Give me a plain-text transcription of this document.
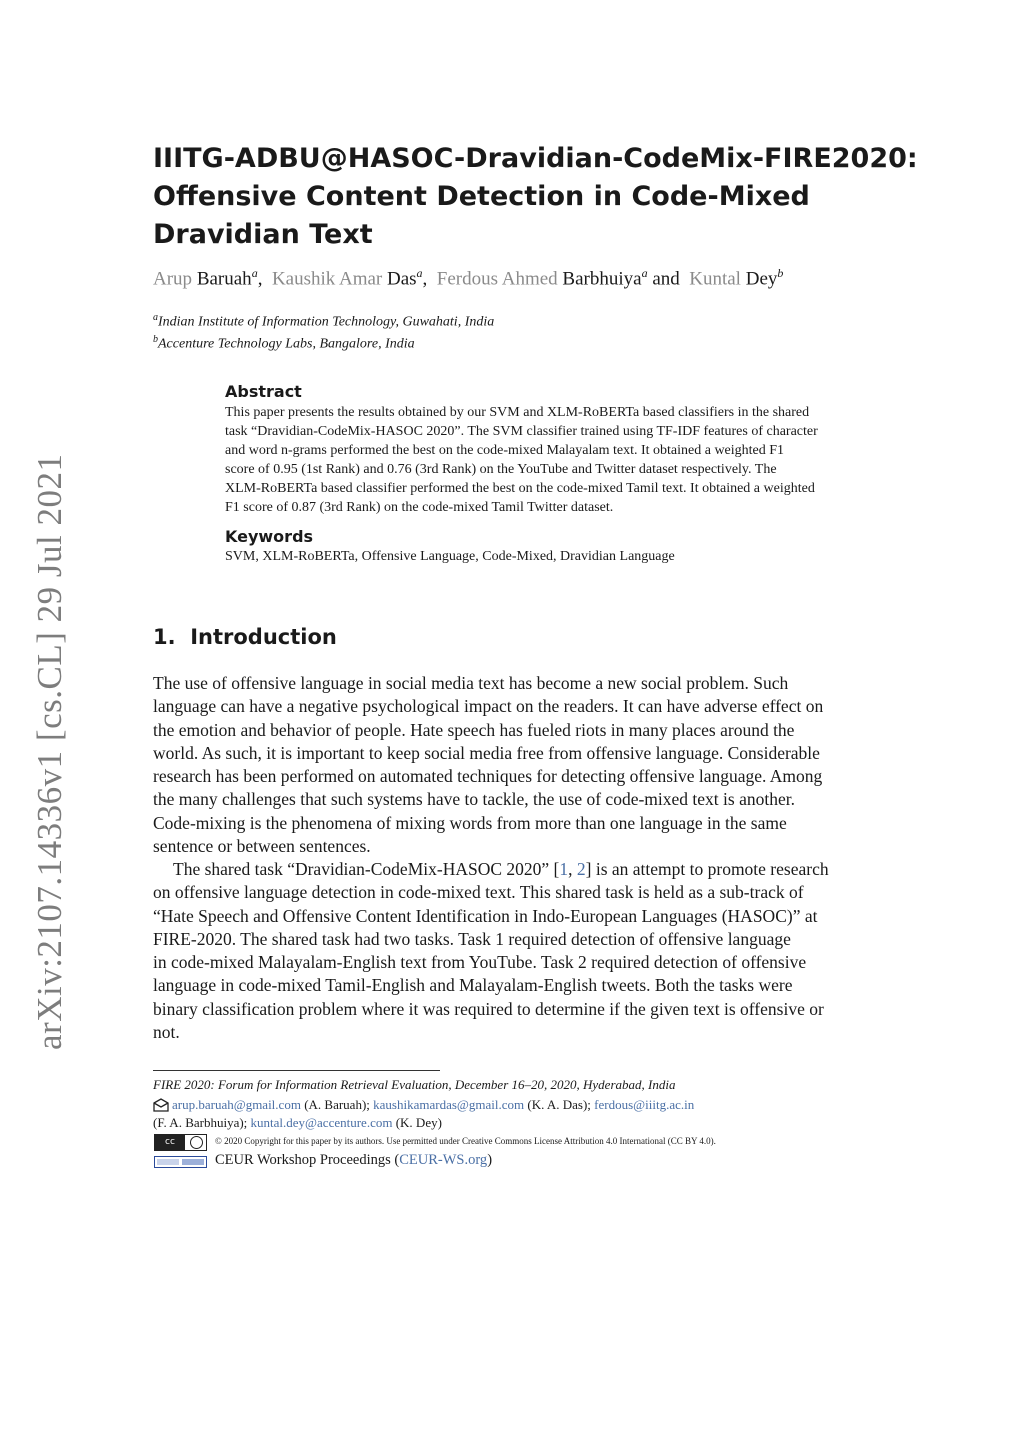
arXiv:2107.14336v1 [cs.CL] 29 Jul 2021
IIITG-ADBU@HASOC-Dravidian-CodeMix-FIRE2020:
Offensive Content Detection in Code-Mixed
Dravidian Text
Arup Baruah$^a$, Kaushik Amar Das$^a$, Ferdous Ahmed Barbhuiya$^a$ and Kuntal Dey$^b$
$^a$Indian Institute of Information Technology, Guwahati, India
$^b$Accenture Technology Labs, Bangalore, India
Abstract
This paper presents the results obtained by our SVM and XLM-RoBERTa based classifiers in the shared
task “Dravidian-CodeMix-HASOC 2020”. The SVM classifier trained using TF-IDF features of character
and word n-grams performed the best on the code-mixed Malayalam text. It obtained a weighted F1
score of 0.95 (1st Rank) and 0.76 (3rd Rank) on the YouTube and Twitter dataset respectively. The
XLM-RoBERTa based classifier performed the best on the code-mixed Tamil text. It obtained a weighted
F1 score of 0.87 (3rd Rank) on the code-mixed Tamil Twitter dataset.
Keywords
SVM, XLM-RoBERTa, Offensive Language, Code-Mixed, Dravidian Language
1. Introduction
The use of offensive language in social media text has become a new social problem. Such
language can have a negative psychological impact on the readers. It can have adverse effect on
the emotion and behavior of people. Hate speech has fueled riots in many places around the
world. As such, it is important to keep social media free from offensive language. Considerable
research has been performed on automated techniques for detecting offensive language. Among
the many challenges that such systems have to tackle, the use of code-mixed text is another.
Code-mixing is the phenomena of mixing words from more than one language in the same
sentence or between sentences.
The shared task “Dravidian-CodeMix-HASOC 2020” [1, 2] is an attempt to promote research
on offensive language detection in code-mixed text. This shared task is held as a sub-track of
“Hate Speech and Offensive Content Identification in Indo-European Languages (HASOC)” at
FIRE-2020. The shared task had two tasks. Task 1 required detection of offensive language
in code-mixed Malayalam-English text from YouTube. Task 2 required detection of offensive
language in code-mixed Tamil-English and Malayalam-English tweets. Both the tasks were
binary classification problem where it was required to determine if the given text is offensive or
not.
FIRE 2020: Forum for Information Retrieval Evaluation, December 16–20, 2020, Hyderabad, India
arup.baruah@gmail.com (A. Baruah); kaushikamardas@gmail.com (K. A. Das); ferdous@iiitg.ac.in
(F. A. Barbhuiya); kuntal.dey@accenture.com (K. Dey)
cc	© 2020 Copyright for this paper by its authors. Use permitted under Creative Commons License Attribution 4.0 International (CC BY 4.0).
CEUR Workshop Proceedings (CEUR-WS.org)
